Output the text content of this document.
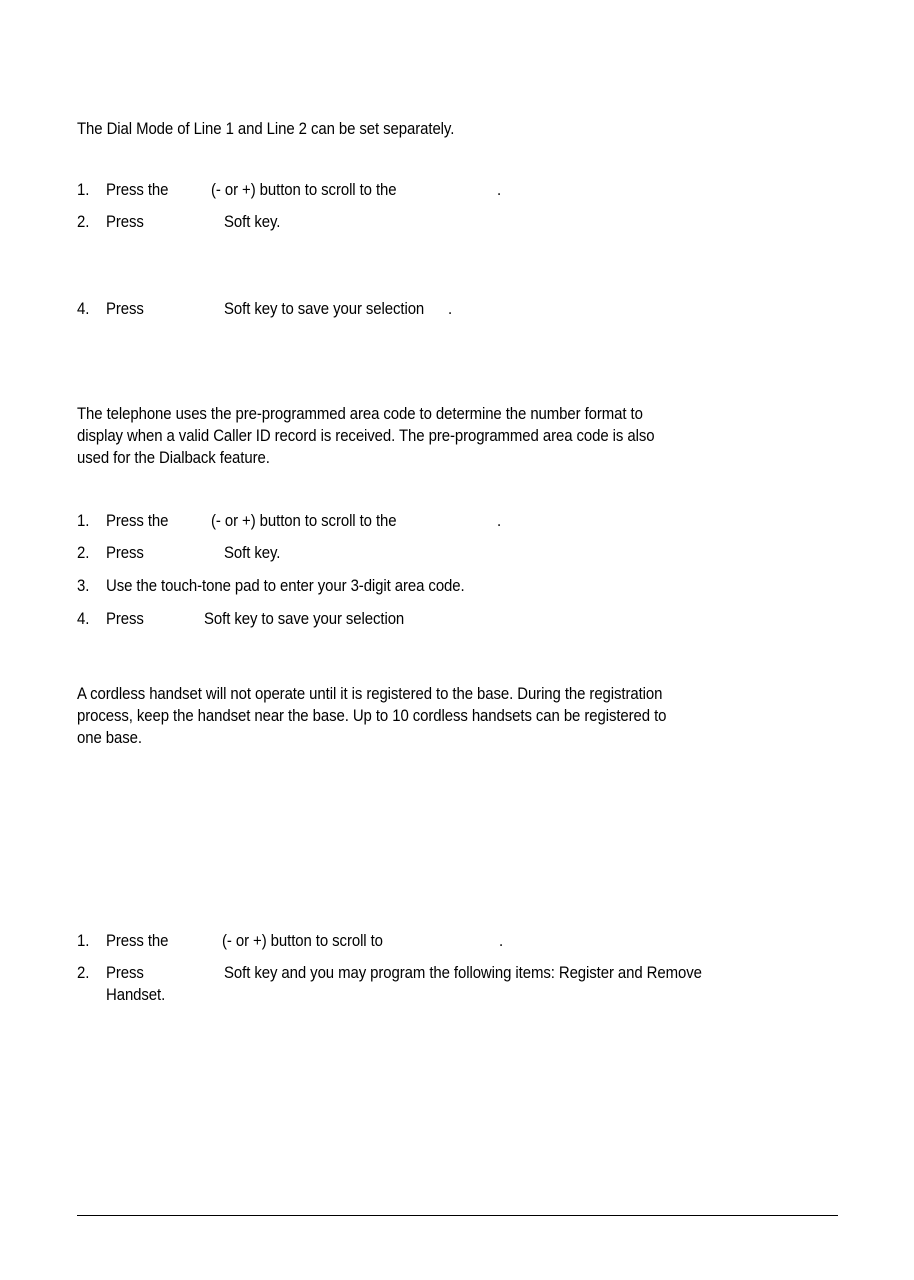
The Dial Mode of Line 1 and Line 2 can be set separately.
1. Press the	(- or +) button to scroll to the	.
2. Press	Soft key.
4. Press	Soft key to save your selection .
The telephone uses the pre-programmed area code to determine the number format to
display when a valid Caller ID record is received. The pre-programmed area code is also
used for the Dialback feature.
1. Press the	(- or +) button to scroll to the	.
2. Press	Soft key.
3. Use the touch-tone pad to enter your 3-digit area code.
4. Press	Soft key to save your selection
A cordless handset will not operate until it is registered to the base. During the registration
process, keep the handset near the base. Up to 10 cordless handsets can be registered to
one base.
1. Press the	(- or +) button to scroll to	.
2. Press	Soft key and you may program the following items: Register and Remove
Handset.
